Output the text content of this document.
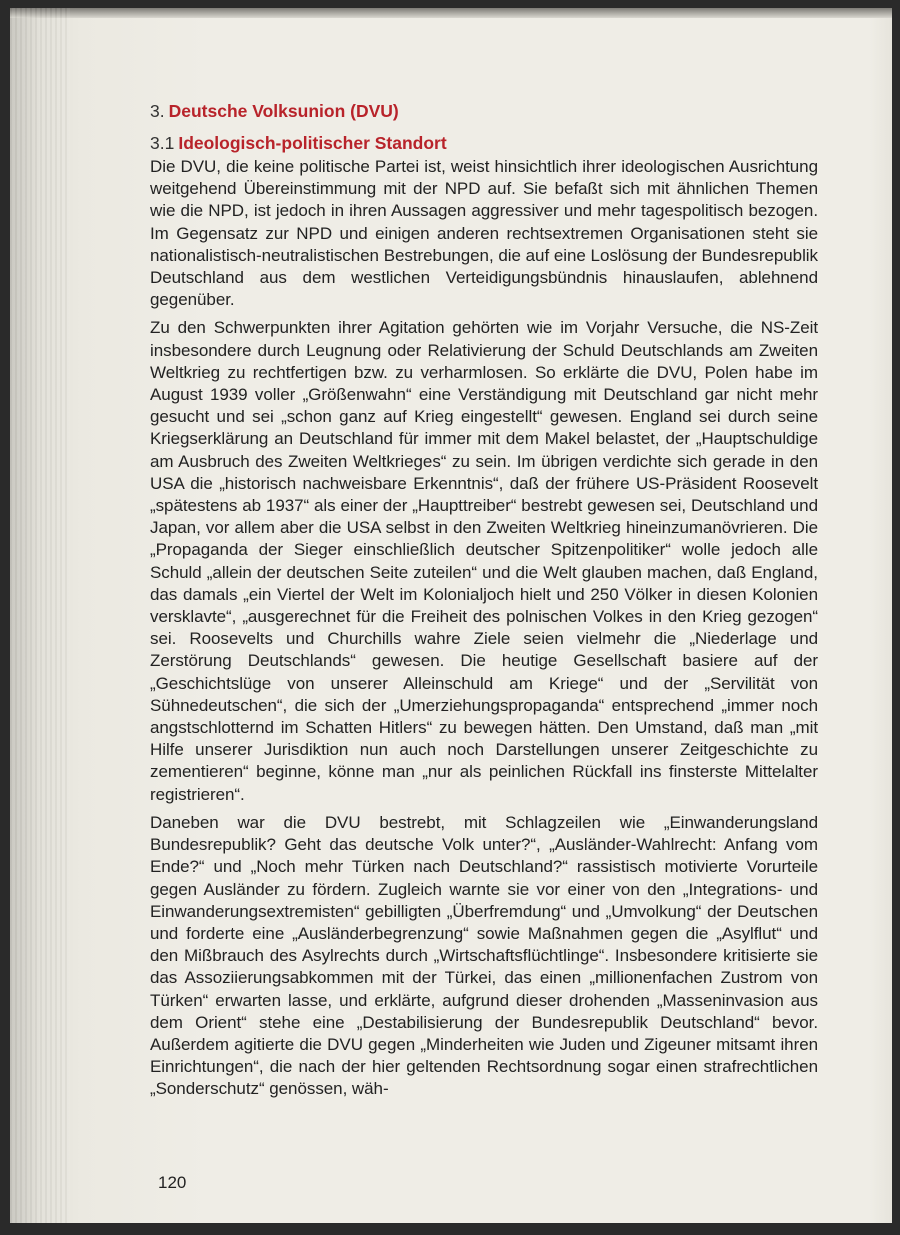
3. Deutsche Volksunion (DVU)
3.1 Ideologisch-politischer Standort

Die DVU, die keine politische Partei ist, weist hinsichtlich ihrer ideologischen Ausrichtung weitgehend Übereinstimmung mit der NPD auf. Sie befaßt sich mit ähnlichen Themen wie die NPD, ist jedoch in ihren Aussagen aggressiver und mehr tagespolitisch bezogen. Im Gegensatz zur NPD und einigen anderen rechtsextremen Organisationen steht sie nationalistisch-neutralistischen Bestrebungen, die auf eine Loslösung der Bundesrepublik Deutschland aus dem westlichen Verteidigungsbündnis hinauslaufen, ablehnend gegenüber.

Zu den Schwerpunkten ihrer Agitation gehörten wie im Vorjahr Versuche, die NS-Zeit insbesondere durch Leugnung oder Relativierung der Schuld Deutschlands am Zweiten Weltkrieg zu rechtfertigen bzw. zu verharmlosen. So erklärte die DVU, Polen habe im August 1939 voller „Größenwahn“ eine Verständigung mit Deutschland gar nicht mehr gesucht und sei „schon ganz auf Krieg eingestellt“ gewesen. England sei durch seine Kriegserklärung an Deutschland für immer mit dem Makel belastet, der „Hauptschuldige am Ausbruch des Zweiten Weltkrieges“ zu sein. Im übrigen verdichte sich gerade in den USA die „historisch nachweisbare Erkenntnis“, daß der frühere US-Präsident Roosevelt „spätestens ab 1937“ als einer der „Haupttreiber“ bestrebt gewesen sei, Deutschland und Japan, vor allem aber die USA selbst in den Zweiten Weltkrieg hineinzumanövrieren. Die „Propaganda der Sieger einschließlich deutscher Spitzenpolitiker“ wolle jedoch alle Schuld „allein der deutschen Seite zuteilen“ und die Welt glauben machen, daß England, das damals „ein Viertel der Welt im Kolonialjoch hielt und 250 Völker in diesen Kolonien versklavte“, „ausgerechnet für die Freiheit des polnischen Volkes in den Krieg gezogen“ sei. Roosevelts und Churchills wahre Ziele seien vielmehr die „Niederlage und Zerstörung Deutschlands“ gewesen. Die heutige Gesellschaft basiere auf der „Geschichtslüge von unserer Alleinschuld am Kriege“ und der „Servilität von Sühnedeutschen“, die sich der „Umerziehungspropaganda“ entsprechend „immer noch angstschlotternd im Schatten Hitlers“ zu bewegen hätten. Den Umstand, daß man „mit Hilfe unserer Jurisdiktion nun auch noch Darstellungen unserer Zeitgeschichte zu zementieren“ beginne, könne man „nur als peinlichen Rückfall ins finsterste Mittelalter registrieren“.

Daneben war die DVU bestrebt, mit Schlagzeilen wie „Einwanderungsland Bundesrepublik? Geht das deutsche Volk unter?“, „Ausländer-Wahlrecht: Anfang vom Ende?“ und „Noch mehr Türken nach Deutschland?“ rassistisch motivierte Vorurteile gegen Ausländer zu fördern. Zugleich warnte sie vor einer von den „Integrations- und Einwanderungsextremisten“ gebilligten „Überfremdung“ und „Umvolkung“ der Deutschen und forderte eine „Ausländerbegrenzung“ sowie Maßnahmen gegen die „Asylflut“ und den Mißbrauch des Asylrechts durch „Wirtschaftsflüchtlinge“. Insbesondere kritisierte sie das Assoziierungsabkommen mit der Türkei, das einen „millionenfachen Zustrom von Türken“ erwarten lasse, und erklärte, aufgrund dieser drohenden „Masseninvasion aus dem Orient“ stehe eine „Destabilisierung der Bundesrepublik Deutschland“ bevor. Außerdem agitierte die DVU gegen „Minderheiten wie Juden und Zigeuner mitsamt ihren Einrichtungen“, die nach der hier geltenden Rechtsordnung sogar einen strafrechtlichen „Sonderschutz“ genössen, wäh-

120
